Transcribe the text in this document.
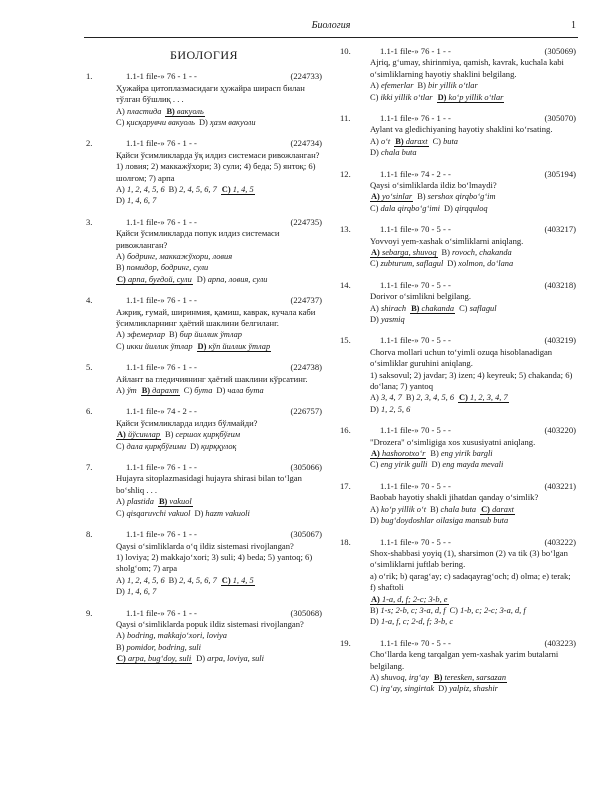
Биология	1
БИОЛОГИЯ
1.	1.1-1 file-» 76 - 1 - -	(224733)
Ҳужайра цитоплазмасидаги ҳужайра ширасп билан тўлган бўшлиқ . . .
A) пластида B) вакуоль
C) қисқарувчи вакуоль D) ҳазм вакуоли
2.	1.1-1 file-» 76 - 1 - -	(224734)
Қайси ўсимликларда ўқ илдиз системаси ривожланган?
1) ловия; 2) маккажўхори; 3) сули; 4) беда; 5) янтоқ; 6) шолғом; 7) арпа
A) 1, 2, 4, 5, 6 B) 2, 4, 5, 6, 7 C) 1, 4, 5
D) 1, 4, 6, 7
3.	1.1-1 file-» 76 - 1 - -	(224735)
Қайси ўсимликларда попук илдиз системаси ривожланган?
A) бодринг, маккажўхори, ловия
B) помидор, бодринг, сули
C) арпа, буғдой, сули D) арпа, ловия, сули
4.	1.1-1 file-» 76 - 1 - -	(224737)
Ажриқ, ғумай, ширинмия, қамиш, каврак, кучала каби ўсимликларнинг ҳаётий шаклини белгиланг.
A) эфемерлар B) бир йиллик ўтлар
C) икки йиллик ўтлар D) кўп йиллик ўтлар
5.	1.1-1 file-» 76 - 1 - -	(224738)
Айлант ва гледичиянинг ҳаётий шаклини кўрсатинг.
A) ўт B) дарахт C) бута D) чала бута
6.	1.1-1 file-» 74 - 2 - -	(226757)
Қайси ўсимликларда илдиз бўлмайди?
A) йўсинлар B) сершох қирқбўғим
C) дала қирқбўғими D) қирққулоқ
7.	1.1-1 file-» 76 - 1 - -	(305066)
Hujayra sitoplazmasidagi hujayra shirasi bilan to‘lgan bo‘shliq . . .
A) plastida B) vakuol
C) qisqaruvchi vakuol D) hazm vakuoli
8.	1.1-1 file-» 76 - 1 - -	(305067)
Qaysi o‘simliklarda o‘q ildiz sistemasi rivojlangan?
1) loviya; 2) makkajo‘xori; 3) suli; 4) beda; 5) yantoq; 6) sholg‘om; 7) arpa
A) 1, 2, 4, 5, 6 B) 2, 4, 5, 6, 7 C) 1, 4, 5
D) 1, 4, 6, 7
9.	1.1-1 file-» 76 - 1 - -	(305068)
Qaysi o‘simliklarda popuk ildiz sistemasi rivojlangan?
A) bodring, makkajo‘xori, loviya
B) pomidor, bodring, suli
C) arpa, bug‘doy, suli D) arpa, loviya, suli
10.	1.1-1 file-» 76 - 1 - -	(305069)
Ajriq, g‘umay, shirinmiya, qamish, kavrak, kuchala kabi o‘simliklarning hayotiy shaklini belgilang.
A) efemerlar B) bir yillik o‘tlar
C) ikki yillik o‘tlar D) ko‘p yillik o‘tlar
11.	1.1-1 file-» 76 - 1 - -	(305070)
Aylant va gledichiyaning hayotiy shaklini ko‘rsating.
A) o‘t B) daraxt C) buta
D) chala buta
12.	1.1-1 file-» 74 - 2 - -	(305194)
Qaysi o‘simliklarda ildiz bo‘lmaydi?
A) yo‘sinlar B) sershox qirqbo‘g‘im
C) dala qirqbo‘g‘imi D) qirqquloq
13.	1.1-1 file-» 70 - 5 - -	(403217)
Yovvoyi yem-xashak o‘simliklarni aniqlang.
A) sebarga, shuvoq B) rovoch, chakanda
C) zubturum, saflagul D) xolmon, do‘lana
14.	1.1-1 file-» 70 - 5 - -	(403218)
Dorivor o‘simlikni belgilang.
A) shirach B) chakanda C) saflagul
D) yasmiq
15.	1.1-1 file-» 70 - 5 - -	(403219)
Chorva mollari uchun to‘yimli ozuqa hisoblanadigan o‘simliklar guruhini aniqlang.
1) saksovul; 2) javdar; 3) izen; 4) keyreuk; 5) chakanda; 6) do‘lana; 7) yantoq
A) 3, 4, 7 B) 2, 3, 4, 5, 6 C) 1, 2, 3, 4, 7
D) 1, 2, 5, 6
16.	1.1-1 file-» 70 - 5 - -	(403220)
"Drozera" o‘simligiga xos xususiyatni aniqlang.
A) hashorotxo‘r B) eng yirik bargli
C) eng yirik gulli D) eng mayda mevali
17.	1.1-1 file-» 70 - 5 - -	(403221)
Baobab hayotiy shakli jihatdan qanday o‘simlik?
A) ko‘p yillik o‘t B) chala buta C) daraxt
D) bug‘doydoshlar oilasiga mansub buta
18.	1.1-1 file-» 70 - 5 - -	(403222)
Shox-shabbasi yoyiq (1), sharsimon (2) va tik (3) bo‘lgan o‘simliklarni juftlab bering.
a) o‘rik; b) qarag‘ay; c) sadaqayrag‘och; d) olma; e) terak; f) shaftoli
A) 1-a, d, f; 2-c; 3-b, e
B) 1-s; 2-b, c; 3-a, d, f C) 1-b, c; 2-c; 3-a, d, f
D) 1-a, f, c; 2-d, f; 3-b, c
19.	1.1-1 file-» 70 - 5 - -	(403223)
Cho‘llarda keng tarqalgan yem-xashak yarim butalarni belgilang.
A) shuvoq, irg‘ay B) tereskеn, sarsazan
C) irg‘ay, singirtak D) yalpiz, shashir
